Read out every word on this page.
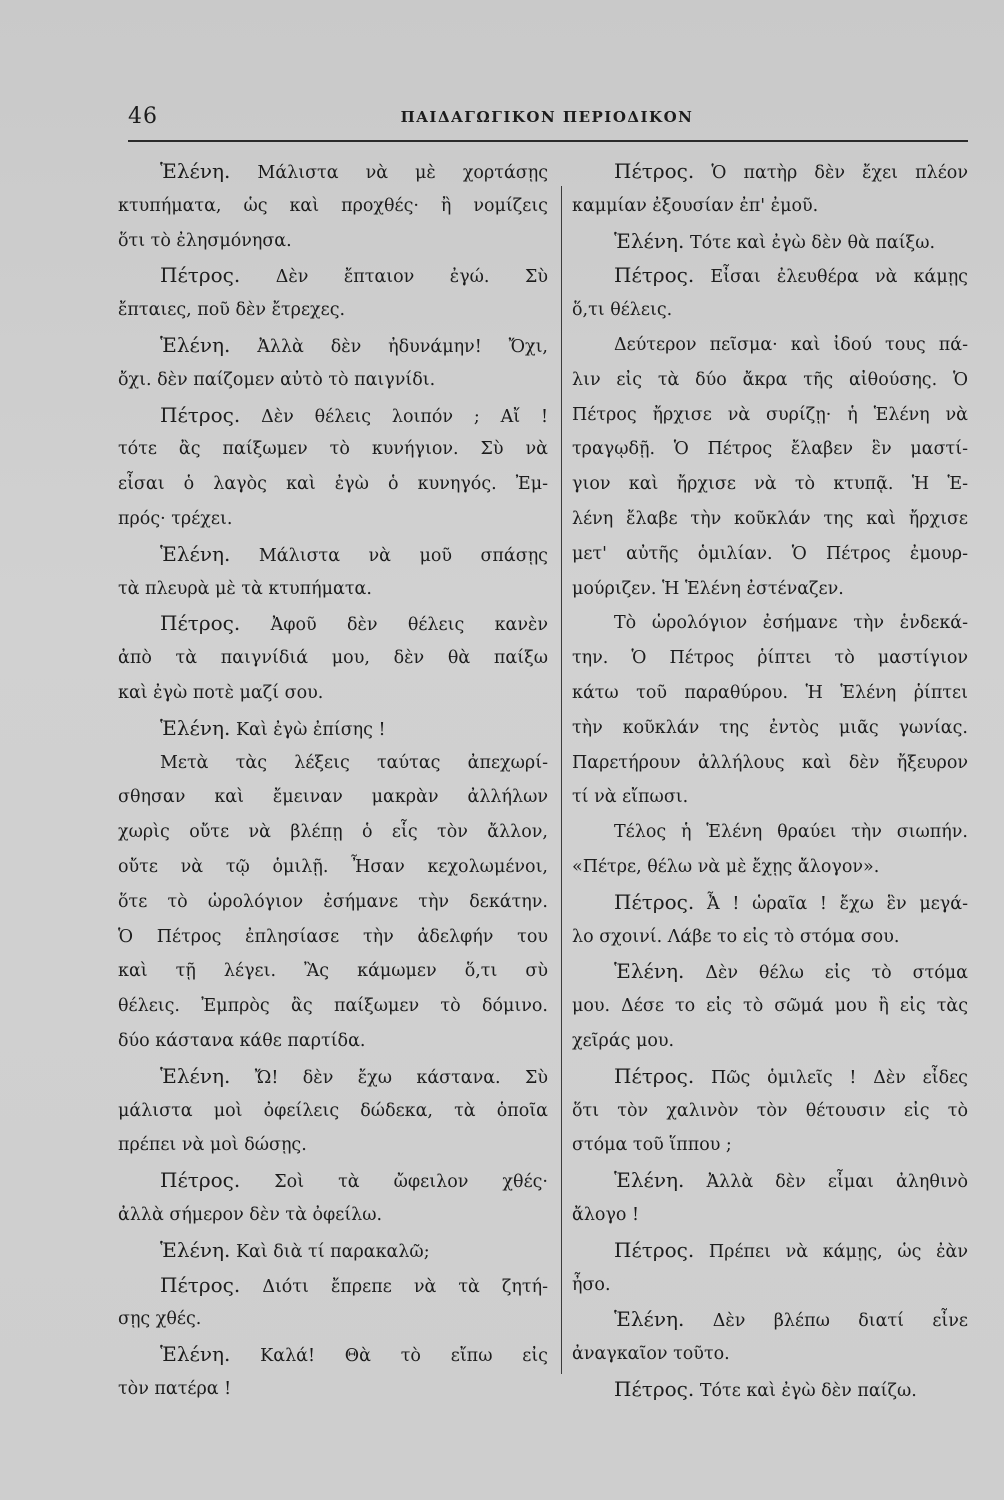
46	ΠΑΙΔΑΓΩΓΙΚΟΝ ΠΕΡΙΟΔΙΚΟΝ
Ἑλένη. Μάλιστα νὰ μὲ χορτάσῃς
κτυπήματα, ὡς καὶ προχθές· ἢ νομίζεις
ὅτι τὸ ἐλησμόνησα.
Πέτρος. Δὲν ἔπταιον ἐγώ. Σὺ
ἔπταιες, ποῦ δὲν ἔτρεχες.
Ἑλένη. Ἀλλὰ δὲν ἠδυνάμην! Ὄχι,
ὄχι. δὲν παίζομεν αὐτὸ τὸ παιγνίδι.
Πέτρος. Δὲν θέλεις λοιπόν ; Αἴ !
τότε ἂς παίξωμεν τὸ κυνήγιον. Σὺ νὰ
εἶσαι ὁ λαγὸς καὶ ἐγὼ ὁ κυνηγός. Ἐμ-
πρός· τρέχει.
Ἑλένη. Μάλιστα νὰ μοῦ σπάσῃς
τὰ πλευρὰ μὲ τὰ κτυπήματα.
Πέτρος. Ἀφοῦ δὲν θέλεις κανὲν
ἀπὸ τὰ παιγνίδιά μου, δὲν θὰ παίξω
καὶ ἐγὼ ποτὲ μαζί σου.
Ἑλένη. Καὶ ἐγὼ ἐπίσης !
Μετὰ τὰς λέξεις ταύτας ἀπεχωρί-
σθησαν καὶ ἔμειναν μακρὰν ἀλλήλων
χωρὶς οὔτε νὰ βλέπῃ ὁ εἷς τὸν ἄλλον,
οὔτε νὰ τῷ ὁμιλῇ. Ἦσαν κεχολωμένοι,
ὅτε τὸ ὡρολόγιον ἐσήμανε τὴν δεκάτην.
Ὁ Πέτρος ἐπλησίασε τὴν ἀδελφήν του
καὶ τῇ λέγει. Ἂς κάμωμεν ὅ,τι σὺ
θέλεις. Ἐμπρὸς ἂς παίξωμεν τὸ δόμινο.
δύο κάστανα κάθε παρτίδα.
Ἑλένη. Ὤ! δὲν ἔχω κάστανα. Σὺ
μάλιστα μοὶ ὀφείλεις δώδεκα, τὰ ὁποῖα
πρέπει νὰ μοὶ δώσῃς.
Πέτρος. Σοὶ τὰ ὤφειλον χθές·
ἀλλὰ σήμερον δὲν τὰ ὀφείλω.
Ἑλένη. Καὶ διὰ τί παρακαλῶ;
Πέτρος. Διότι ἔπρεπε νὰ τὰ ζητή-
σῃς χθές.
Ἑλένη. Καλά! Θὰ τὸ εἴπω εἰς
τὸν πατέρα !
Πέτρος. Ὁ πατὴρ δὲν ἔχει πλέον
καμμίαν ἐξουσίαν ἐπ' ἐμοῦ.
Ἑλένη. Τότε καὶ ἐγὼ δὲν θὰ παίξω.
Πέτρος. Εἶσαι ἐλευθέρα νὰ κάμῃς
ὅ,τι θέλεις.
Δεύτερον πεῖσμα· καὶ ἰδού τους πά-
λιν εἰς τὰ δύο ἄκρα τῆς αἰθούσης. Ὁ
Πέτρος ἤρχισε νὰ συρίζῃ· ἡ Ἑλένη νὰ
τραγῳδῇ. Ὁ Πέτρος ἔλαβεν ἓν μαστί-
γιον καὶ ἤρχισε νὰ τὸ κτυπᾷ. Ἡ Ἑ-
λένη ἔλαβε τὴν κοῦκλάν της καὶ ἤρχισε
μετ' αὐτῆς ὁμιλίαν. Ὁ Πέτρος ἐμουρ-
μούριζεν. Ἡ Ἑλένη ἐστέναζεν.
Τὸ ὡρολόγιον ἐσήμανε τὴν ἑνδεκά-
την. Ὁ Πέτρος ῥίπτει τὸ μαστίγιον
κάτω τοῦ παραθύρου. Ἡ Ἑλένη ῥίπτει
τὴν κοῦκλάν της ἐντὸς μιᾶς γωνίας.
Παρετήρουν ἀλλήλους καὶ δὲν ἤξευρον
τί νὰ εἴπωσι.
Τέλος ἡ Ἑλένη θραύει τὴν σιωπήν.
«Πέτρε, θέλω νὰ μὲ ἔχῃς ἄλογον».
Πέτρος. Ἆ ! ὡραῖα ! ἔχω ἓν μεγά-
λο σχοινί. Λάβε το εἰς τὸ στόμα σου.
Ἑλένη. Δὲν θέλω εἰς τὸ στόμα
μου. Δέσε το εἰς τὸ σῶμά μου ἢ εἰς τὰς
χεῖράς μου.
Πέτρος. Πῶς ὁμιλεῖς ! Δὲν εἶδες
ὅτι τὸν χαλινὸν τὸν θέτουσιν εἰς τὸ
στόμα τοῦ ἵππου ;
Ἑλένη. Ἀλλὰ δὲν εἶμαι ἀληθινὸ
ἄλογο !
Πέτρος. Πρέπει νὰ κάμῃς, ὡς ἐὰν
ἦσο.
Ἑλένη. Δὲν βλέπω διατί εἶνε
ἀναγκαῖον τοῦτο.
Πέτρος. Τότε καὶ ἐγὼ δὲν παίζω.
